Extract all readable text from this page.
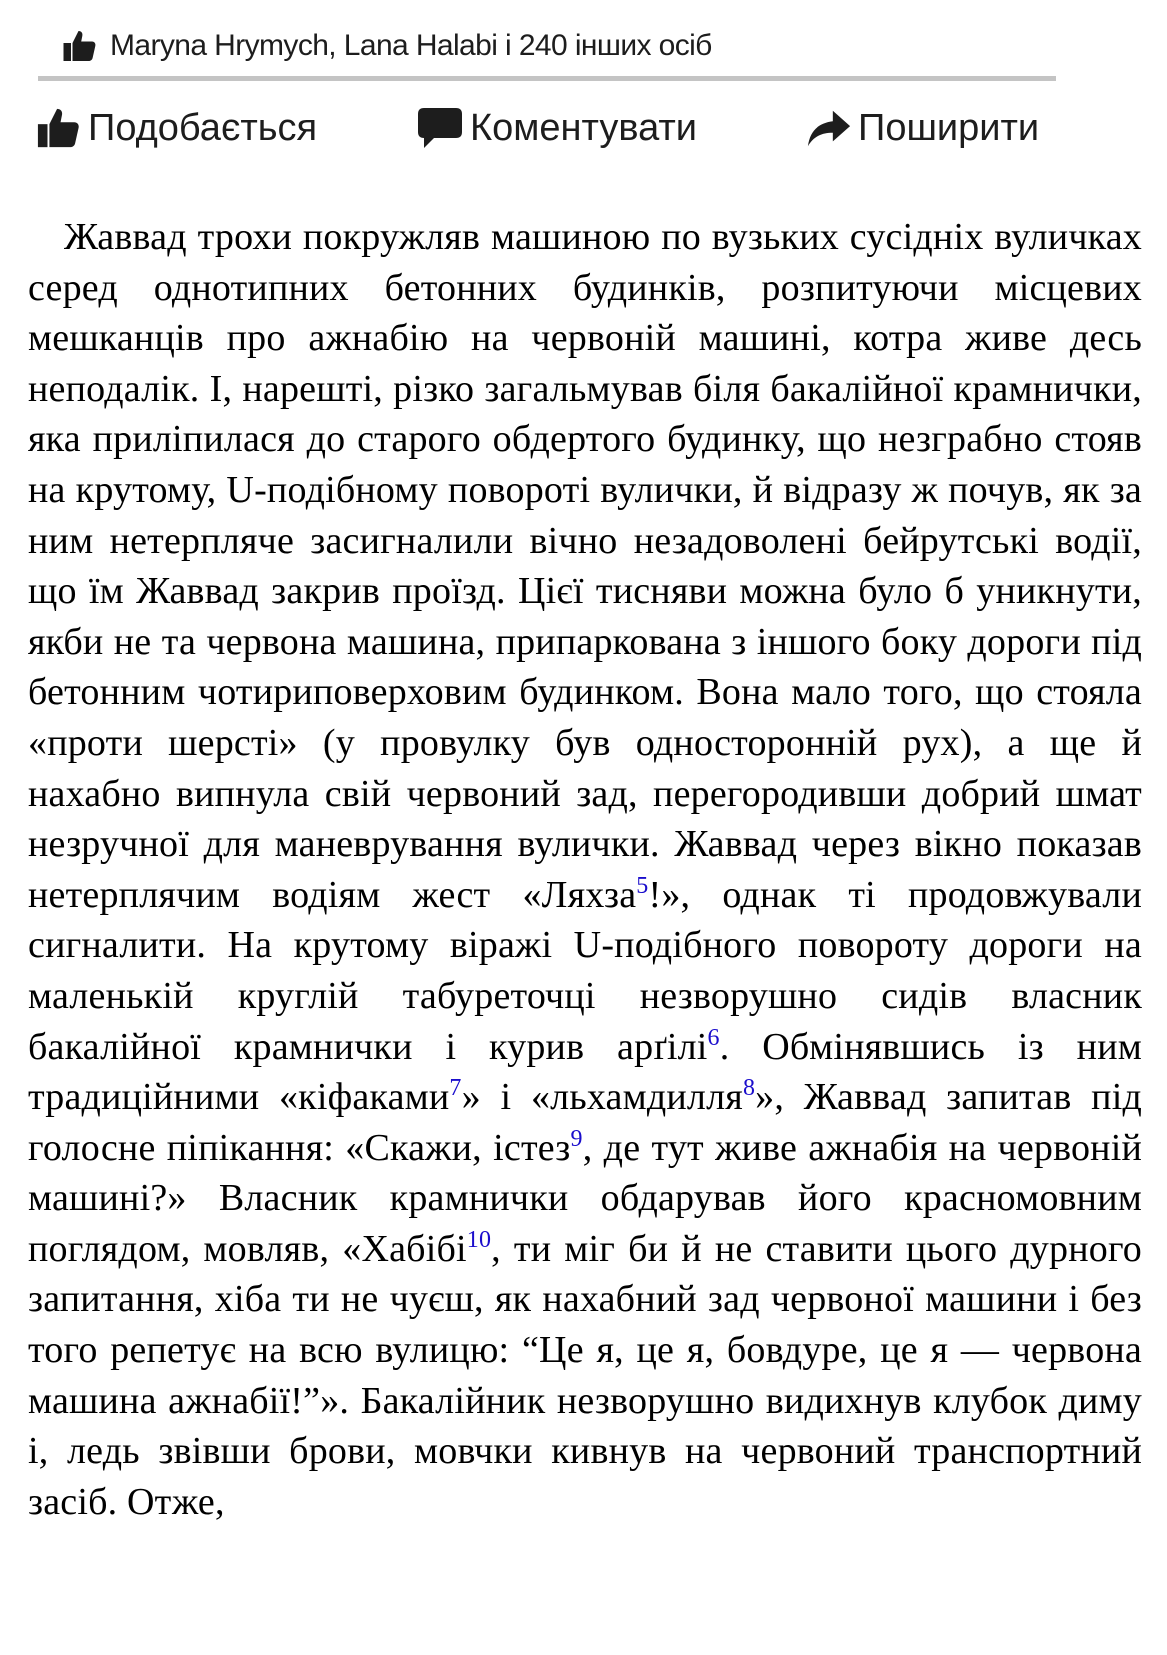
Maryna Hrymych, Lana Halabi і 240 інших осіб
Подобається	Коментувати	Поширити

Жаввад трохи покружляв машиною по вузьких сусідніх вуличках серед однотипних бетонних будинків, розпитуючи місцевих мешканців про ажнабію на червоній машині, котра живе десь неподалік. І, нарешті, різко загальмував біля бакалійної крамнички, яка приліпилася до старого обдертого будинку, що незграбно стояв на крутому, U-подібному повороті вулички, й відразу ж почув, як за ним нетерпляче засигналили вічно незадоволені бейрутські водії, що їм Жаввад закрив проїзд. Цієї тисняви можна було б уникнути, якби не та червона машина, припаркована з іншого боку дороги під бетонним чотириповерховим будинком. Вона мало того, що стояла «проти шерсті» (у провулку був односторонній рух), а ще й нахабно випнула свій червоний зад, перегородивши добрий шмат незручної для маневрування вулички. Жаввад через вікно показав нетерплячим водіям жест «Ляхза$^5$!», однак ті продовжували сигналити. На крутому віражі U-подібного повороту дороги на маленькій круглій табуреточці незворушно сидів власник бакалійної крамнички і курив арґілі$^6$. Обмінявшись із ним традиційними «кіфаками$^7$» і «льхамдилля$^8$», Жаввад запитав під голосне піпікання: «Скажи, істез$^9$, де тут живе ажнабія на червоній машині?» Власник крамнички обдарував його красномовним поглядом, мовляв, «Хабібі$^{10}$, ти міг би й не ставити цього дурного запитання, хіба ти не чуєш, як нахабний зад червоної машини і без того репетує на всю вулицю: “Це я, це я, бовдуре, це я — червона машина ажнабії!”». Бакалійник незворушно видихнув клубок диму і, ледь звівши брови, мовчки кивнув на червоний транспортний засіб. Отже,
